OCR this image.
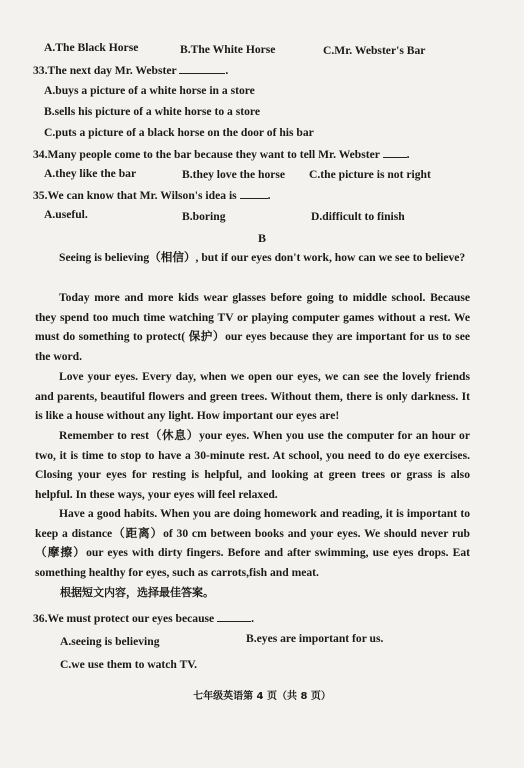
A.The Black Horse	B.The White Horse	C.Mr. Webster's Bar
33.The next day Mr. Webster	.
A.buys a picture of a white horse in a store
B.sells his picture of a white horse to a store
C.puts a picture of a black horse on the door of his bar
34.Many people come to the bar because they want to tell Mr. Webster .
A.they like the bar	B.they love the horse C.the picture is not right
35.We can know that Mr. Wilson's idea is	.
A.useful.	B.boring	D.difficult to finish
B
Seeing is believing（相信）, but if our eyes don't work, how can we see to believe?
Today more and more kids wear glasses before going to middle school. Because they spend too much time watching TV or playing computer games without a rest. We must do something to protect( 保护）our eyes because they are important for us to see the word.
Love your eyes. Every day, when we open our eyes, we can see the lovely friends and parents, beautiful flowers and green trees. Without them, there is only darkness. It is like a house without any light. How important our eyes are!
Remember to rest（休息）your eyes. When you use the computer for an hour or two, it is time to stop to have a 30-minute rest. At school, you need to do eye exercises. Closing your eyes for resting is helpful, and looking at green trees or grass is also helpful. In these ways, your eyes will feel relaxed.
Have a good habits. When you are doing homework and reading, it is important to keep a distance（距离）of 30 cm between books and your eyes. We should never rub（摩擦）our eyes with dirty fingers. Before and after swimming, use eyes drops. Eat something healthy for eyes, such as carrots,fish and meat.
根据短文内容，选择最佳答案。
36.We must protect our eyes because	.
A.seeing is believing	B.eyes are important for us.
C.we use them to watch TV.
七年级英语第 4 页（共 8 页）
